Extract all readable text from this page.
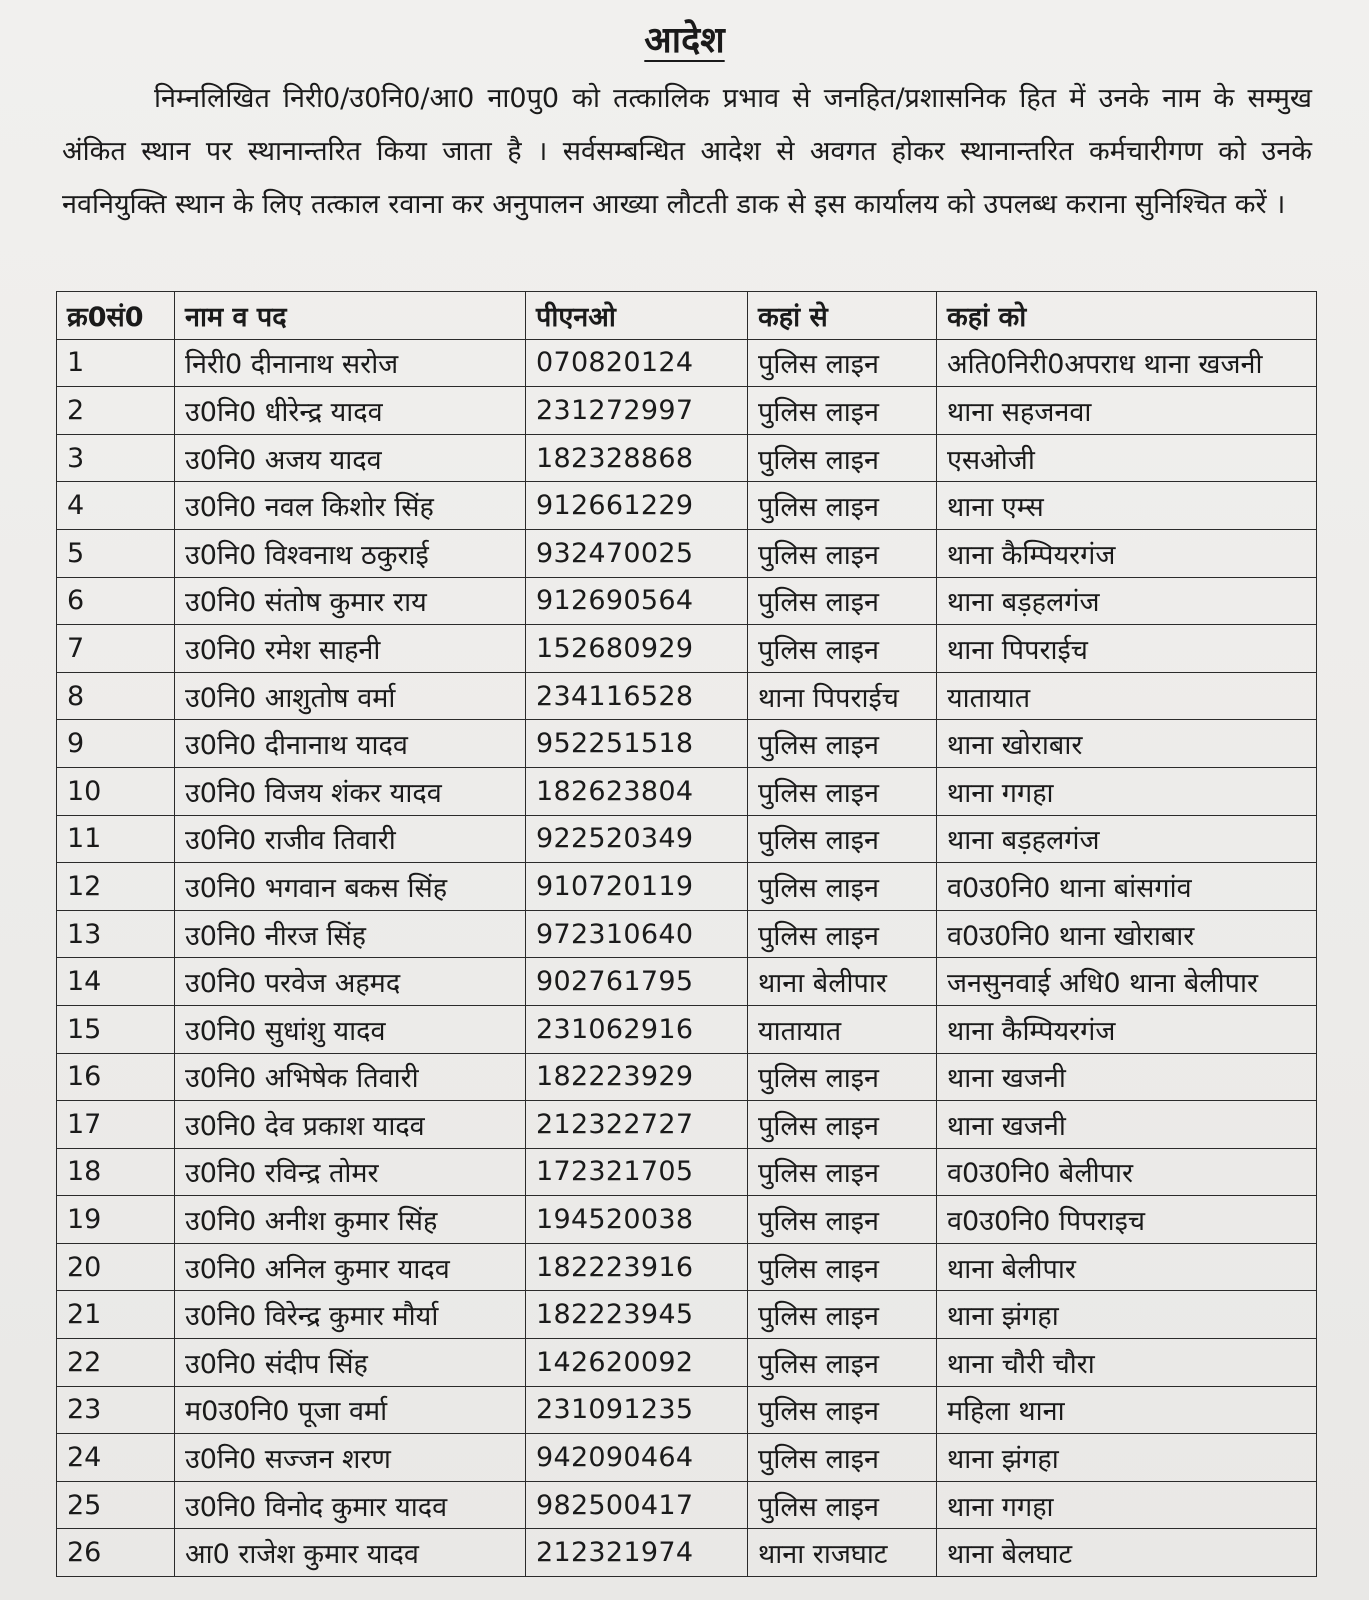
आदेश

निम्नलिखित निरी0/उ0नि0/आ0 ना0पु0 को तत्कालिक प्रभाव से जनहित/प्रशासनिक हित में उनके नाम के सम्मुख अंकित स्थान पर स्थानान्तरित किया जाता है । सर्वसम्बन्धित आदेश से अवगत होकर स्थानान्तरित कर्मचारीगण को उनके नवनियुक्ति स्थान के लिए तत्काल रवाना कर अनुपालन आख्या लौटती डाक से इस कार्यालय को उपलब्ध कराना सुनिश्चित करें ।

क्र0सं0	नाम व पद	पीएनओ	कहां से	कहां को
1	निरी0 दीनानाथ सरोज	070820124	पुलिस लाइन	अति0निरी0अपराध थाना खजनी
2	उ0नि0 धीरेन्द्र यादव	231272997	पुलिस लाइन	थाना सहजनवा
3	उ0नि0 अजय यादव	182328868	पुलिस लाइन	एसओजी
4	उ0नि0 नवल किशोर सिंह	912661229	पुलिस लाइन	थाना एम्स
5	उ0नि0 विश्वनाथ ठकुराई	932470025	पुलिस लाइन	थाना कैम्पियरगंज
6	उ0नि0 संतोष कुमार राय	912690564	पुलिस लाइन	थाना बड़हलगंज
7	उ0नि0 रमेश साहनी	152680929	पुलिस लाइन	थाना पिपराईच
8	उ0नि0 आशुतोष वर्मा	234116528	थाना पिपराईच	यातायात
9	उ0नि0 दीनानाथ यादव	952251518	पुलिस लाइन	थाना खोराबार
10	उ0नि0 विजय शंकर यादव	182623804	पुलिस लाइन	थाना गगहा
11	उ0नि0 राजीव तिवारी	922520349	पुलिस लाइन	थाना बड़हलगंज
12	उ0नि0 भगवान बकस सिंह	910720119	पुलिस लाइन	व0उ0नि0 थाना बांसगांव
13	उ0नि0 नीरज सिंह	972310640	पुलिस लाइन	व0उ0नि0 थाना खोराबार
14	उ0नि0 परवेज अहमद	902761795	थाना बेलीपार	जनसुनवाई अधि0 थाना बेलीपार
15	उ0नि0 सुधांशु यादव	231062916	यातायात	थाना कैम्पियरगंज
16	उ0नि0 अभिषेक तिवारी	182223929	पुलिस लाइन	थाना खजनी
17	उ0नि0 देव प्रकाश यादव	212322727	पुलिस लाइन	थाना खजनी
18	उ0नि0 रविन्द्र तोमर	172321705	पुलिस लाइन	व0उ0नि0 बेलीपार
19	उ0नि0 अनीश कुमार सिंह	194520038	पुलिस लाइन	व0उ0नि0 पिपराइच
20	उ0नि0 अनिल कुमार यादव	182223916	पुलिस लाइन	थाना बेलीपार
21	उ0नि0 विरेन्द्र कुमार मौर्या	182223945	पुलिस लाइन	थाना झंगहा
22	उ0नि0 संदीप सिंह	142620092	पुलिस लाइन	थाना चौरी चौरा
23	म0उ0नि0 पूजा वर्मा	231091235	पुलिस लाइन	महिला थाना
24	उ0नि0 सज्जन शरण	942090464	पुलिस लाइन	थाना झंगहा
25	उ0नि0 विनोद कुमार यादव	982500417	पुलिस लाइन	थाना गगहा
26	आ0 राजेश कुमार यादव	212321974	थाना राजघाट	थाना बेलघाट
